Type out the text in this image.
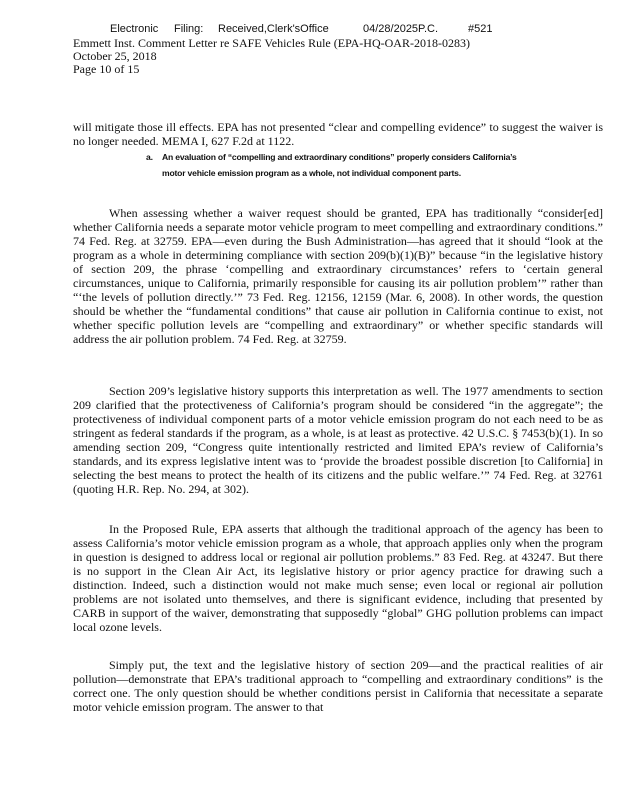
Electronic	Filing:	Received,Clerk'sOffice	04/28/2025P.C.	#521
Emmett Inst. Comment Letter re SAFE Vehicles Rule (EPA-HQ-OAR-2018-0283)
October 25, 2018
Page 10 of 15

will mitigate those ill effects. EPA has not presented “clear and compelling evidence” to suggest the waiver is no longer needed. MEMA I, 627 F.2d at 1122.

a. An evaluation of “compelling and extraordinary conditions” properly considers California’s motor vehicle emission program as a whole, not individual component parts.

When assessing whether a waiver request should be granted, EPA has traditionally “consider[ed] whether California needs a separate motor vehicle program to meet compelling and extraordinary conditions.” 74 Fed. Reg. at 32759. EPA—even during the Bush Administration—has agreed that it should “look at the program as a whole in determining compliance with section 209(b)(1)(B)” because “in the legislative history of section 209, the phrase ‘compelling and extraordinary circumstances’ refers to ‘certain general circumstances, unique to California, primarily responsible for causing its air pollution problem’” rather than “‘the levels of pollution directly.’” 73 Fed. Reg. 12156, 12159 (Mar. 6, 2008). In other words, the question should be whether the “fundamental conditions” that cause air pollution in California continue to exist, not whether specific pollution levels are “compelling and extraordinary” or whether specific standards will address the air pollution problem. 74 Fed. Reg. at 32759.

Section 209’s legislative history supports this interpretation as well. The 1977 amendments to section 209 clarified that the protectiveness of California’s program should be considered “in the aggregate”; the protectiveness of individual component parts of a motor vehicle emission program do not each need to be as stringent as federal standards if the program, as a whole, is at least as protective. 42 U.S.C. § 7453(b)(1). In so amending section 209, “Congress quite intentionally restricted and limited EPA’s review of California’s standards, and its express legislative intent was to ‘provide the broadest possible discretion [to California] in selecting the best means to protect the health of its citizens and the public welfare.’” 74 Fed. Reg. at 32761 (quoting H.R. Rep. No. 294, at 302).

In the Proposed Rule, EPA asserts that although the traditional approach of the agency has been to assess California’s motor vehicle emission program as a whole, that approach applies only when the program in question is designed to address local or regional air pollution problems.” 83 Fed. Reg. at 43247. But there is no support in the Clean Air Act, its legislative history or prior agency practice for drawing such a distinction. Indeed, such a distinction would not make much sense; even local or regional air pollution problems are not isolated unto themselves, and there is significant evidence, including that presented by CARB in support of the waiver, demonstrating that supposedly “global” GHG pollution problems can impact local ozone levels.

Simply put, the text and the legislative history of section 209—and the practical realities of air pollution—demonstrate that EPA’s traditional approach to “compelling and extraordinary conditions” is the correct one. The only question should be whether conditions persist in California that necessitate a separate motor vehicle emission program. The answer to that
